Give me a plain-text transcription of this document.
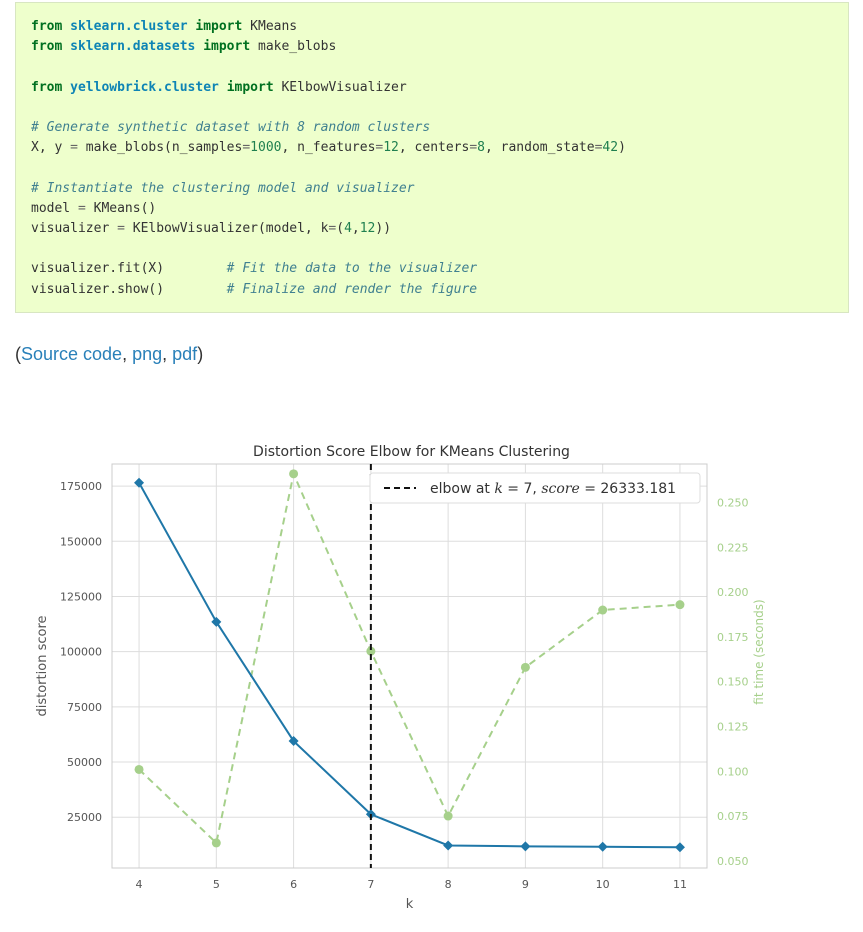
from sklearn.cluster import KMeans
from sklearn.datasets import make_blobs
from yellowbrick.cluster import KElbowVisualizer
# Generate synthetic dataset with 8 random clusters
X, y = make_blobs(n_samples=1000, n_features=12, centers=8, random_state=42)
# Instantiate the clustering model and visualizer
model = KMeans()
visualizer = KElbowVisualizer(model, k=(4,12))
visualizer.fit(X)        # Fit the data to the visualizer
visualizer.show()        # Finalize and render the figure
(Source code, png, pdf)
elbow at k = 7, score = 26333.181
4	5	6	7	8	9	10	11
25000
50000
75000
100000
125000
150000
175000
0.050
0.075
0.100
0.125
0.150
0.175
0.200
0.225
0.250
Distortion Score Elbow for KMeans Clustering
k
distortion score	fit time (seconds)
